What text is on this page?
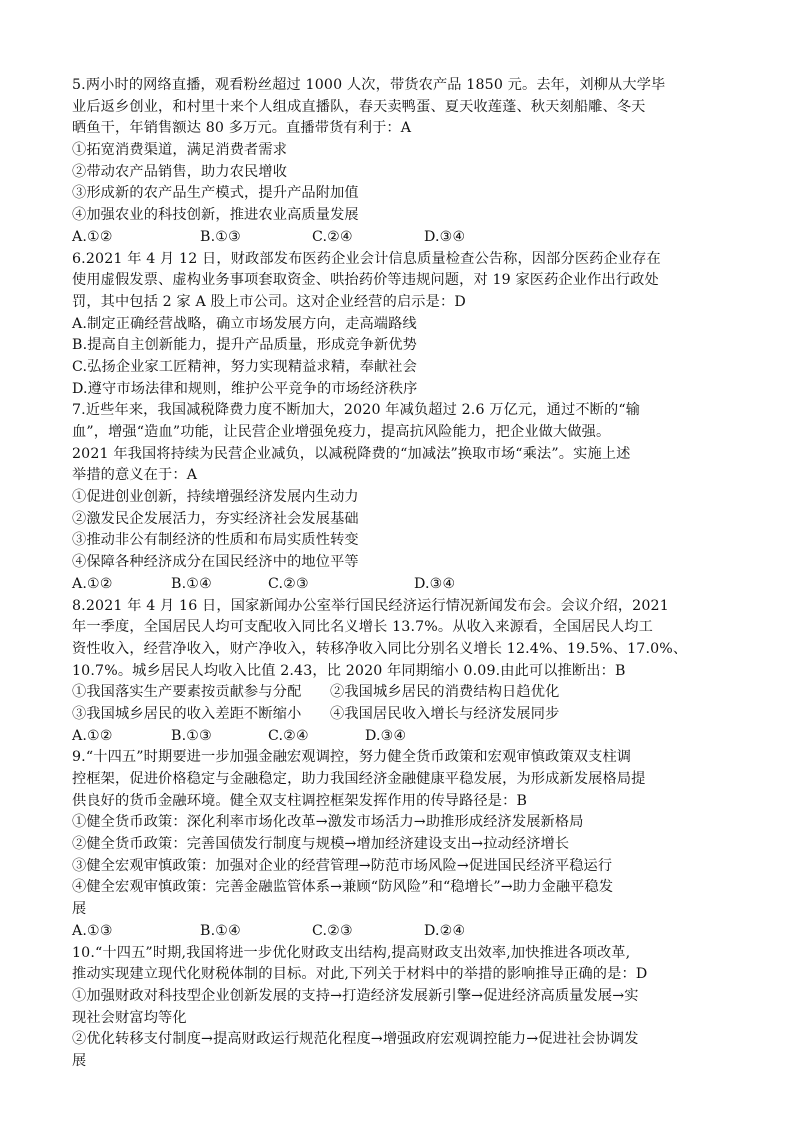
5.两小时的网络直播，观看粉丝超过 1000 人次，带货农产品 1850 元。去年，刘柳从大学毕
业后返乡创业，和村里十来个人组成直播队，春天卖鸭蛋、夏天收莲蓬、秋天刻船雕、冬天
晒鱼干，年销售额达 80 多万元。直播带货有利于：A
①拓宽消费渠道，满足消费者需求
②带动农产品销售，助力农民增收
③形成新的农产品生产模式，提升产品附加值
④加强农业的科技创新，推进农业高质量发展
A.①②	B.①③	C.②④	D.③④
6.2021 年 4 月 12 日，财政部发布医药企业会计信息质量检查公告称，因部分医药企业存在
使用虚假发票、虚构业务事项套取资金、哄抬药价等违规问题，对 19 家医药企业作出行政处
罚，其中包括 2 家 A 股上市公司。这对企业经营的启示是：D
A.制定正确经营战略，确立市场发展方向，走高端路线
B.提高自主创新能力，提升产品质量，形成竞争新优势
C.弘扬企业家工匠精神，努力实现精益求精，奉献社会
D.遵守市场法律和规则，维护公平竞争的市场经济秩序
7.近些年来，我国减税降费力度不断加大，2020 年减负超过 2.6 万亿元，通过不断的“输
血”，增强“造血”功能，让民营企业增强免疫力，提高抗风险能力，把企业做大做强。
2021 年我国将持续为民营企业减负，以减税降费的“加减法”换取市场“乘法”。实施上述
举措的意义在于：A
①促进创业创新，持续增强经济发展内生动力
②激发民企发展活力，夯实经济社会发展基础
③推动非公有制经济的性质和布局实质性转变
④保障各种经济成分在国民经济中的地位平等
A.①②	B.①④	C.②③	D.③④
8.2021 年 4 月 16 日，国家新闻办公室举行国民经济运行情况新闻发布会。会议介绍，2021
年一季度，全国居民人均可支配收入同比名义增长 13.7%。从收入来源看，全国居民人均工
资性收入，经营净收入，财产净收入，转移净收入同比分别名义增长 12.4%、19.5%、17.0%、
10.7%。城乡居民人均收入比值 2.43，比 2020 年同期缩小 0.09.由此可以推断出：B
①我国落实生产要素按贡献参与分配	②我国城乡居民的消费结构日趋优化
③我国城乡居民的收入差距不断缩小	④我国居民收入增长与经济发展同步
A.①②	B.①③	C.②④	D.③④
9.“十四五”时期要进一步加强金融宏观调控，努力健全货币政策和宏观审慎政策双支柱调
控框架，促进价格稳定与金融稳定，助力我国经济金融健康平稳发展，为形成新发展格局提
供良好的货币金融环境。健全双支柱调控框架发挥作用的传导路径是：B
①健全货币政策：深化利率市场化改革→激发市场活力→助推形成经济发展新格局
②健全货币政策：完善国债发行制度与规模→增加经济建设支出→拉动经济增长
③健全宏观审慎政策：加强对企业的经营管理→防范市场风险→促进国民经济平稳运行
④健全宏观审慎政策：完善金融监管体系→兼顾“防风险”和“稳增长”→助力金融平稳发
展
A.①③	B.①④	C.②③	D.②④
10.“十四五”时期,我国将进一步优化财政支出结构,提高财政支出效率,加快推进各项改革,
推动实现建立现代化财税体制的目标。对此,下列关于材料中的举措的影响推导正确的是：D
①加强财政对科技型企业创新发展的支持→打造经济发展新引擎→促进经济高质量发展→实
现社会财富均等化
②优化转移支付制度→提高财政运行规范化程度→增强政府宏观调控能力→促进社会协调发
展
